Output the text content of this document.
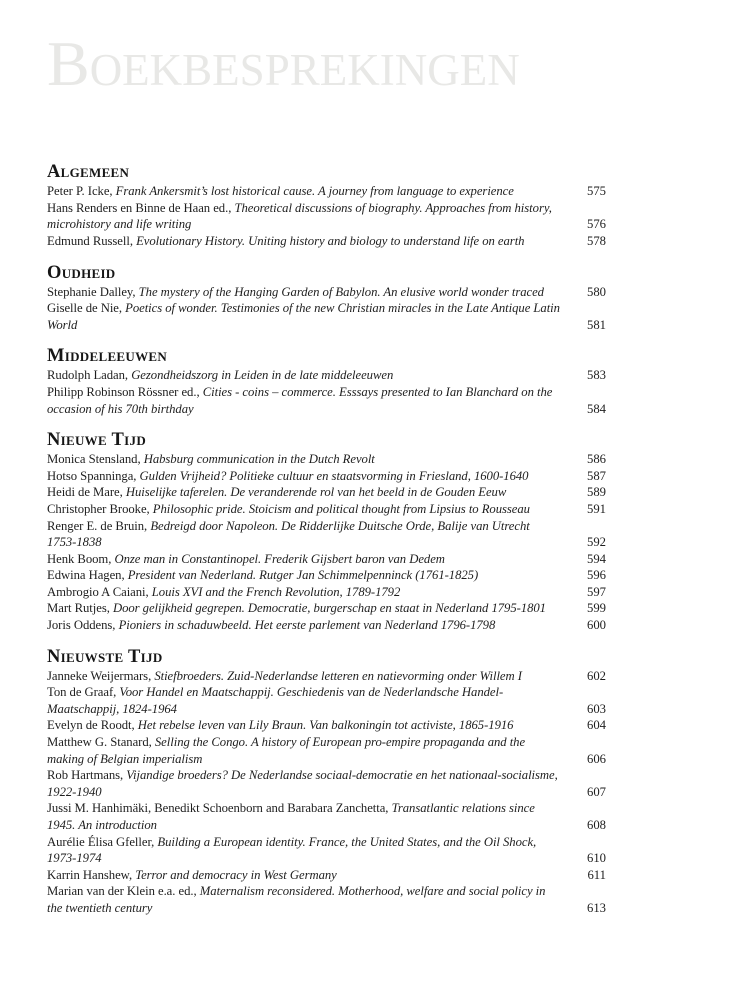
Boekbesprekingen
Algemeen

Peter P. Icke, Frank Ankersmit’s lost historical cause. A journey from language to experience	575

Hans Renders en Binne de Haan ed., Theoretical discussions of biography. Approaches from history, microhistory and life writing	576

Edmund Russell, Evolutionary History. Uniting history and biology to understand life on earth	578
Oudheid

Stephanie Dalley, The mystery of the Hanging Garden of Babylon. An elusive world wonder traced	580

Giselle de Nie, Poetics of wonder. Testimonies of the new Christian miracles in the Late Antique Latin World	581
Middeleeuwen

Rudolph Ladan, Gezondheidszorg in Leiden in de late middeleeuwen	583

Philipp Robinson Rössner ed., Cities - coins – commerce. Esssays presented to Ian Blanchard on the occasion of his 70th birthday	584
Nieuwe Tijd

Monica Stensland, Habsburg communication in the Dutch Revolt	586

Hotso Spanninga, Gulden Vrijheid? Politieke cultuur en staatsvorming in Friesland, 1600-1640	587

Heidi de Mare, Huiselijke taferelen. De veranderende rol van het beeld in de Gouden Eeuw	589

Christopher Brooke, Philosophic pride. Stoicism and political thought from Lipsius to Rousseau	591

Renger E. de Bruin, Bedreigd door Napoleon. De Ridderlijke Duitsche Orde, Balije van Utrecht 1753-1838	592

Henk Boom, Onze man in Constantinopel. Frederik Gijsbert baron van Dedem	594

Edwina Hagen, President van Nederland. Rutger Jan Schimmelpenninck (1761-1825)	596

Ambrogio A Caiani, Louis XVI and the French Revolution, 1789-1792	597

Mart Rutjes, Door gelijkheid gegrepen. Democratie, burgerschap en staat in Nederland 1795-1801	599

Joris Oddens, Pioniers in schaduwbeeld. Het eerste parlement van Nederland 1796-1798	600
Nieuwste Tijd

Janneke Weijermars, Stiefbroeders. Zuid-Nederlandse letteren en natievorming onder Willem I	602

Ton de Graaf, Voor Handel en Maatschappij. Geschiedenis van de Nederlandsche Handel-Maatschappij, 1824-1964	603

Evelyn de Roodt, Het rebelse leven van Lily Braun. Van balkoningin tot activiste, 1865-1916	604

Matthew G. Stanard, Selling the Congo. A history of European pro-empire propaganda and the making of Belgian imperialism	606

Rob Hartmans, Vijandige broeders? De Nederlandse sociaal-democratie en het nationaal-socialisme, 1922-1940	607

Jussi M. Hanhimäki, Benedikt Schoenborn and Barabara Zanchetta, Transatlantic relations since 1945. An introduction	608

Aurélie Élisa Gfeller, Building a European identity. France, the United States, and the Oil Shock, 1973-1974	610

Karrin Hanshew, Terror and democracy in West Germany	611

Marian van der Klein e.a. ed., Maternalism reconsidered. Motherhood, welfare and social policy in the twentieth century	613
